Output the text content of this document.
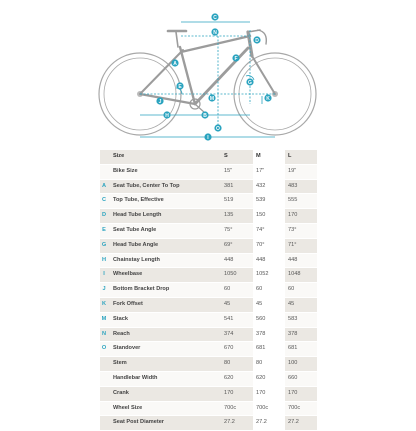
C
N
D
A
G
E
K
M
J
H	B
O
I
F
	Size	S	M	L
	Bike Size	15"	17"	19"
A	Seat Tube, Center To Top	381	432	483
C	Top Tube, Effective	519	539	555
D	Head Tube Length	135	150	170
E	Seat Tube Angle	75°	74°	73°
G	Head Tube Angle	69°	70°	71°
H	Chainstay Length	448	448	448
I	Wheelbase	1050	1052	1048
J	Bottom Bracket Drop	60	60	60
K	Fork Offset	45	45	45
M	Stack	541	560	583
N	Reach	374	378	378
O	Standover	670	681	681
	Stem	80	80	100
	Handlebar Width	620	620	660
	Crank	170	170	170
	Wheel Size	700c	700c	700c
	Seat Post Diameter	27.2	27.2	27.2
